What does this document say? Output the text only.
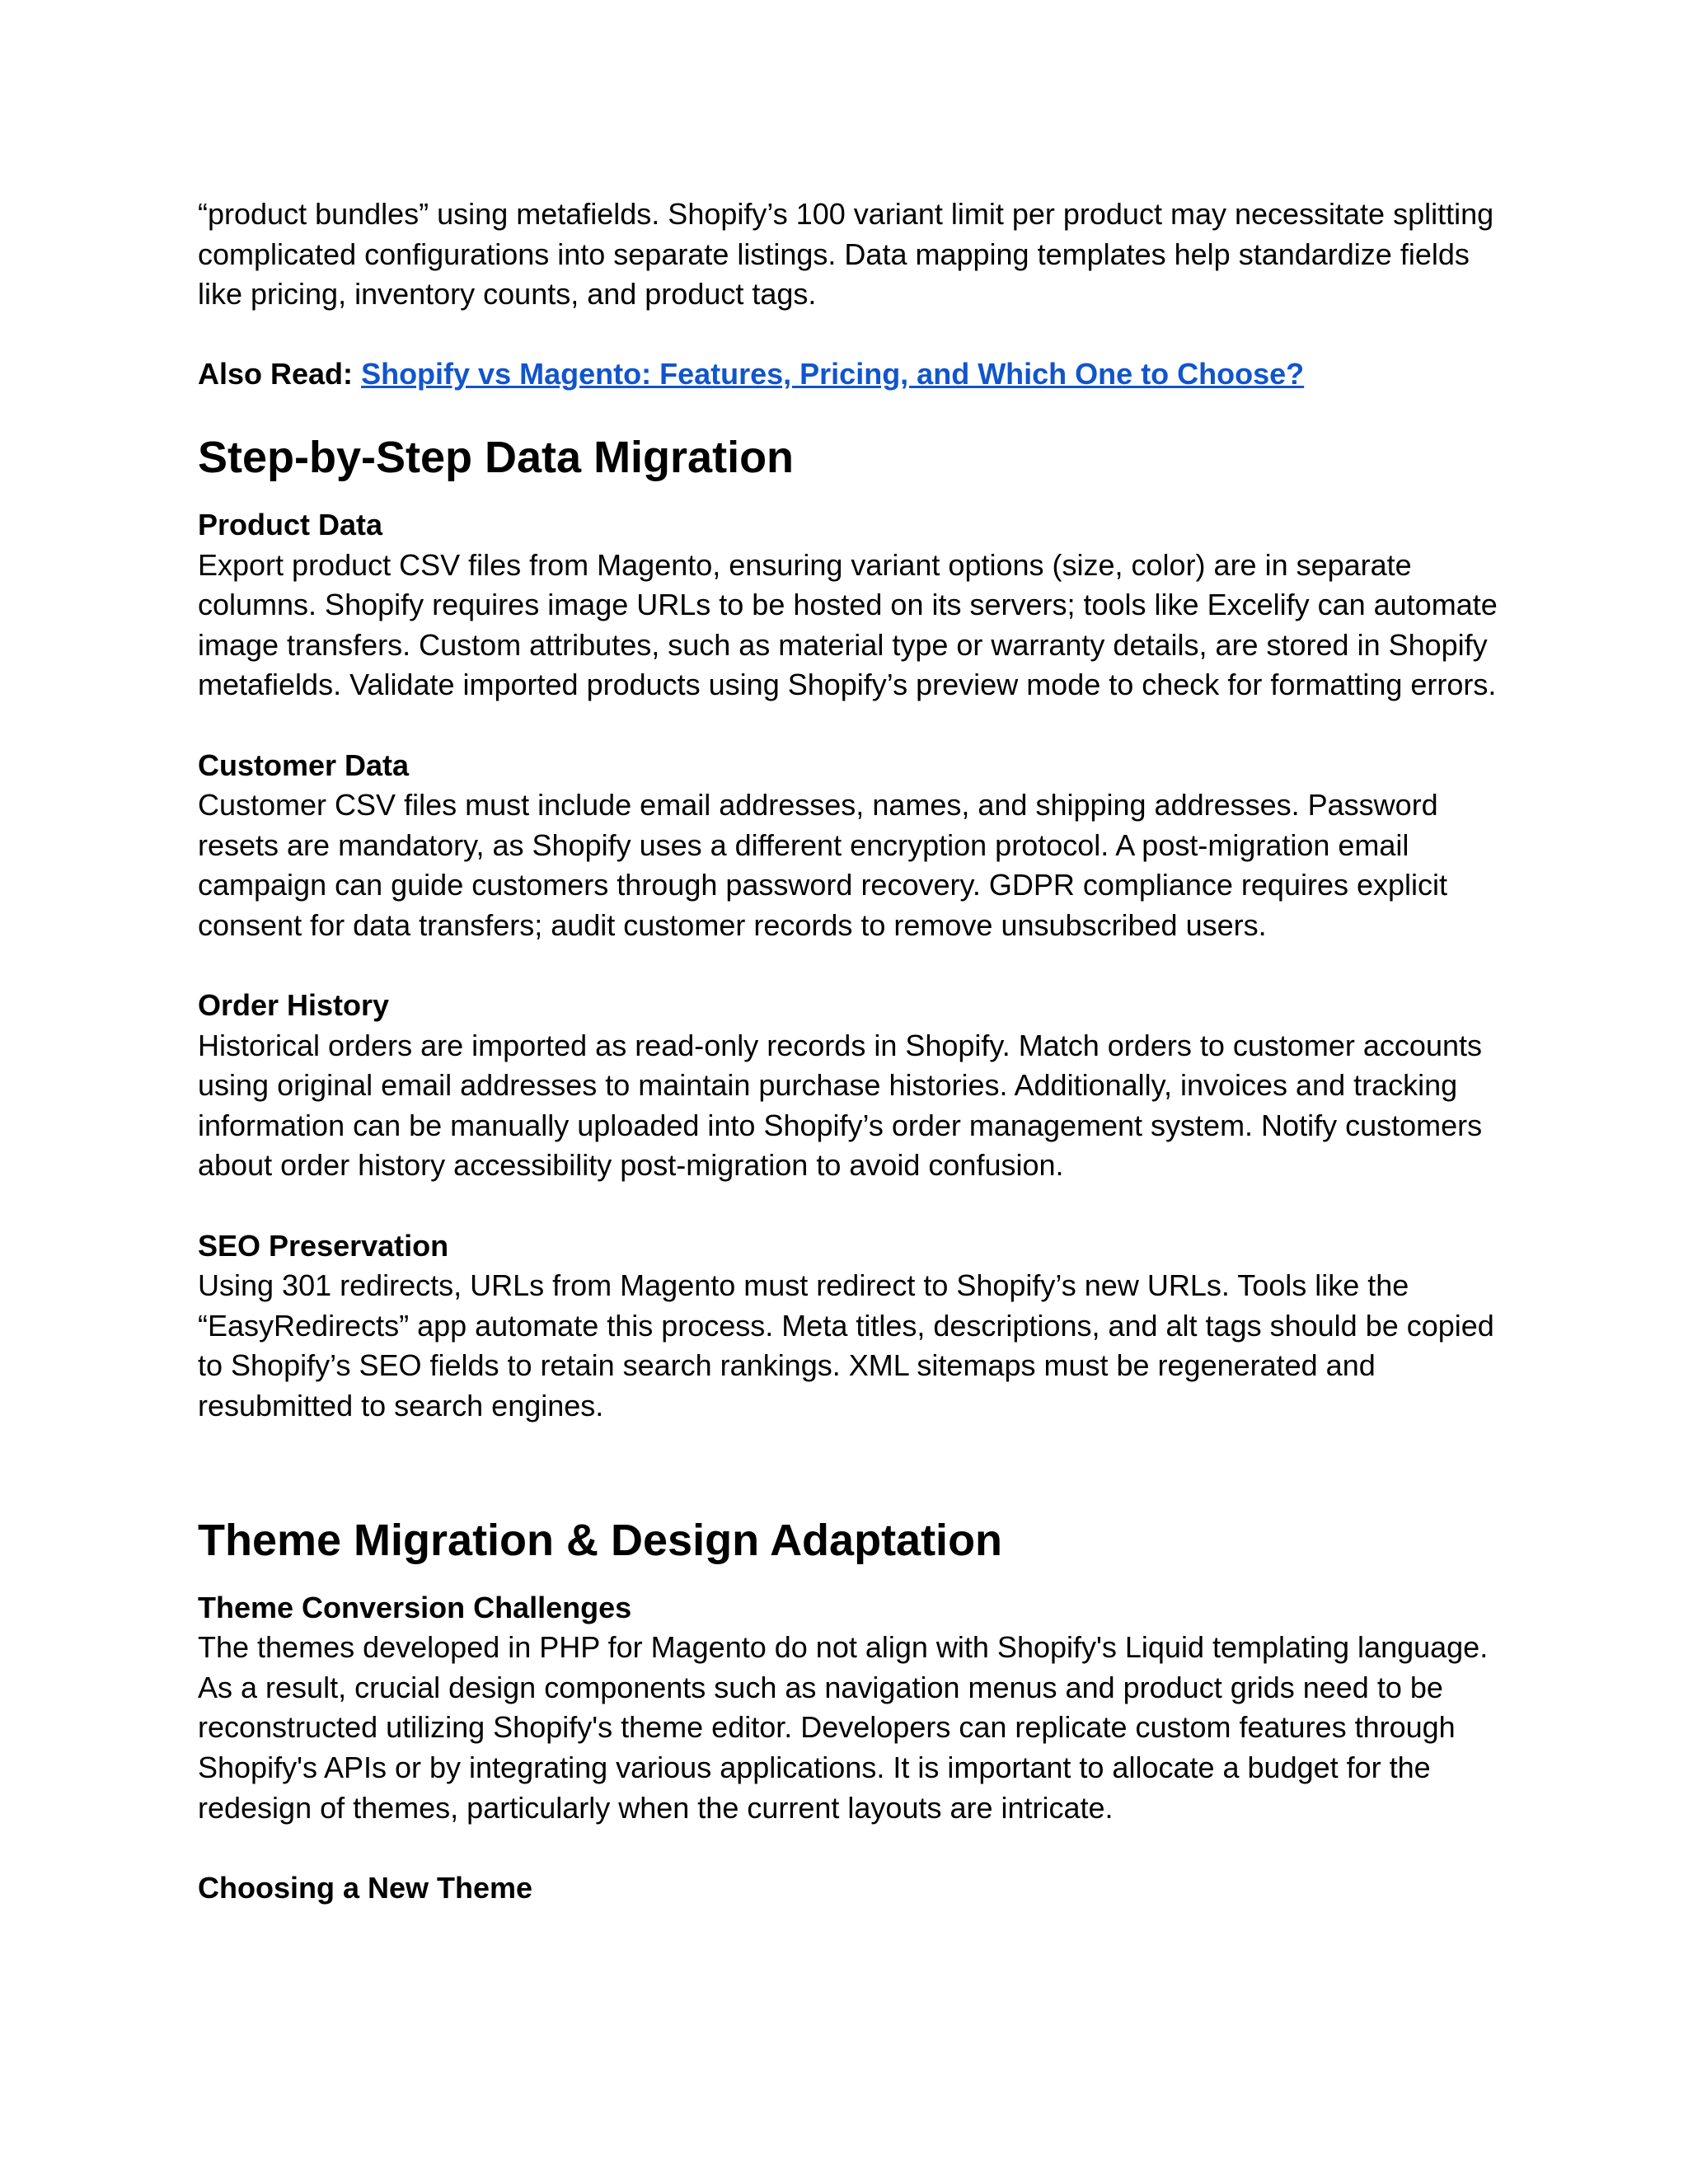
“product bundles” using metafields. Shopify’s 100 variant limit per product may necessitate splitting complicated configurations into separate listings. Data mapping templates help standardize fields like pricing, inventory counts, and product tags.

Also Read: Shopify vs Magento: Features, Pricing, and Which One to Choose?
Step-by-Step Data Migration
Product Data

Export product CSV files from Magento, ensuring variant options (size, color) are in separate columns. Shopify requires image URLs to be hosted on its servers; tools like Excelify can automate image transfers. Custom attributes, such as material type or warranty details, are stored in Shopify metafields. Validate imported products using Shopify’s preview mode to check for formatting errors.

Customer Data

Customer CSV files must include email addresses, names, and shipping addresses. Password resets are mandatory, as Shopify uses a different encryption protocol. A post-migration email campaign can guide customers through password recovery. GDPR compliance requires explicit consent for data transfers; audit customer records to remove unsubscribed users.

Order History

Historical orders are imported as read-only records in Shopify. Match orders to customer accounts using original email addresses to maintain purchase histories. Additionally, invoices and tracking information can be manually uploaded into Shopify’s order management system. Notify customers about order history accessibility post-migration to avoid confusion.

SEO Preservation

Using 301 redirects, URLs from Magento must redirect to Shopify’s new URLs. Tools like the “EasyRedirects” app automate this process. Meta titles, descriptions, and alt tags should be copied to Shopify’s SEO fields to retain search rankings. XML sitemaps must be regenerated and resubmitted to search engines.

Theme Migration & Design Adaptation
Theme Conversion Challenges

The themes developed in PHP for Magento do not align with Shopify's Liquid templating language. As a result, crucial design components such as navigation menus and product grids need to be reconstructed utilizing Shopify's theme editor. Developers can replicate custom features through Shopify's APIs or by integrating various applications. It is important to allocate a budget for the redesign of themes, particularly when the current layouts are intricate.

Choosing a New Theme
